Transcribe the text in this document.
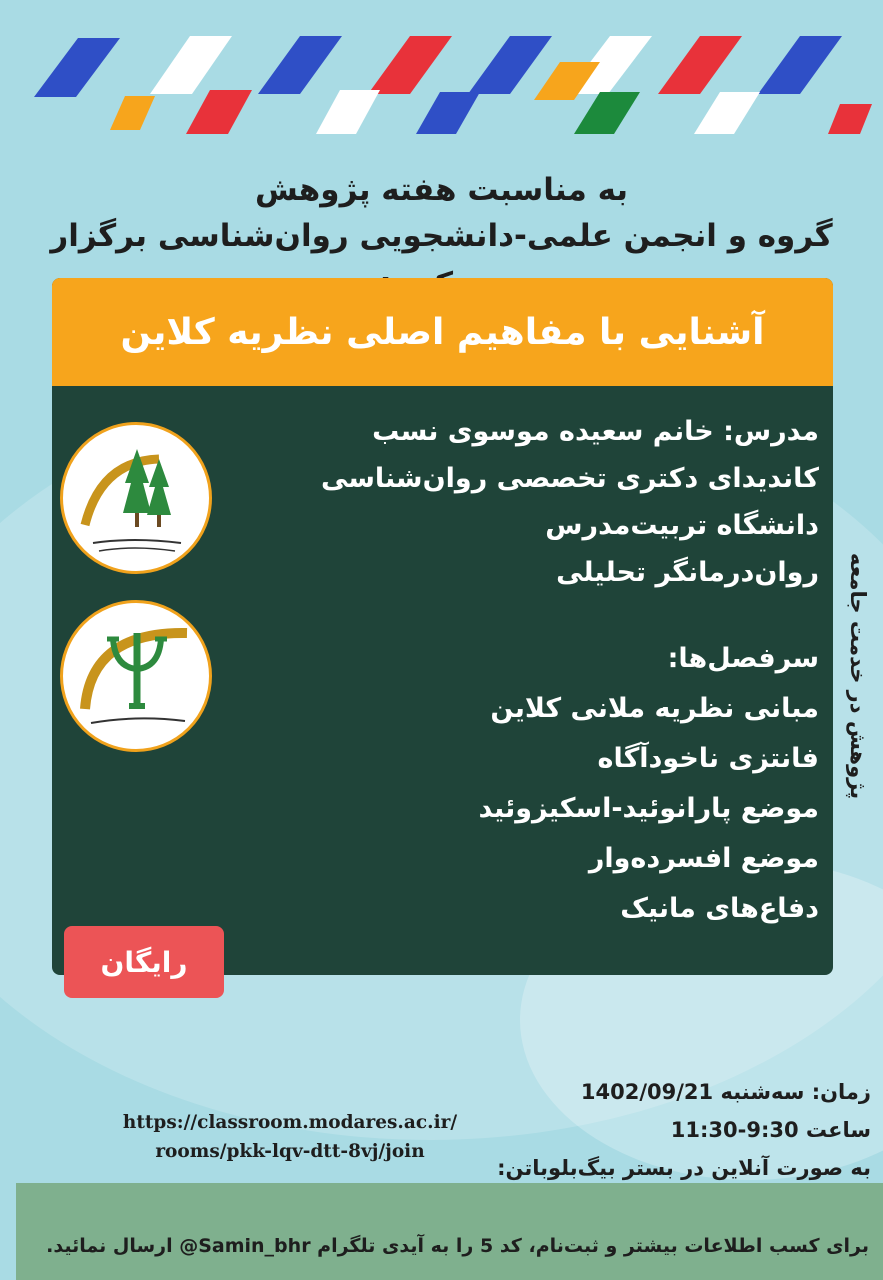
به مناسبت هفته پژوهش
گروه و انجمن علمی-دانشجویی روان‌شناسی برگزار
آشنایی با مفاهیم اصلی نظریه کلاین
مدرس: خانم سعیده موسوی نسب
کاندیدای دکتری تخصصی روان‌شناسی
دانشگاه تربیت‌مدرس
روان‌درمانگر تحلیلی
سرفصل‌ها:
مبانی نظریه ملانی کلاین
فانتزی ناخودآگاه
موضع پارانوئید-اسکیزوئید
موضع افسرده‌وار
دفاع‌های مانیک
رایگان
پژوهش در خدمت جامعه
زمان: سه‌شنبه 1402/09/21
ساعت 9:30-11:30
به صورت آنلاین در بستر بیگ‌بلوباتن:
https://classroom.modares.ac.ir/
rooms/pkk-lqv-dtt-8vj/join
برای کسب اطلاعات بیشتر و ثبت‌نام، کد 5 را به آیدی تلگرام Samin_bhr@ ارسال نمائید.
